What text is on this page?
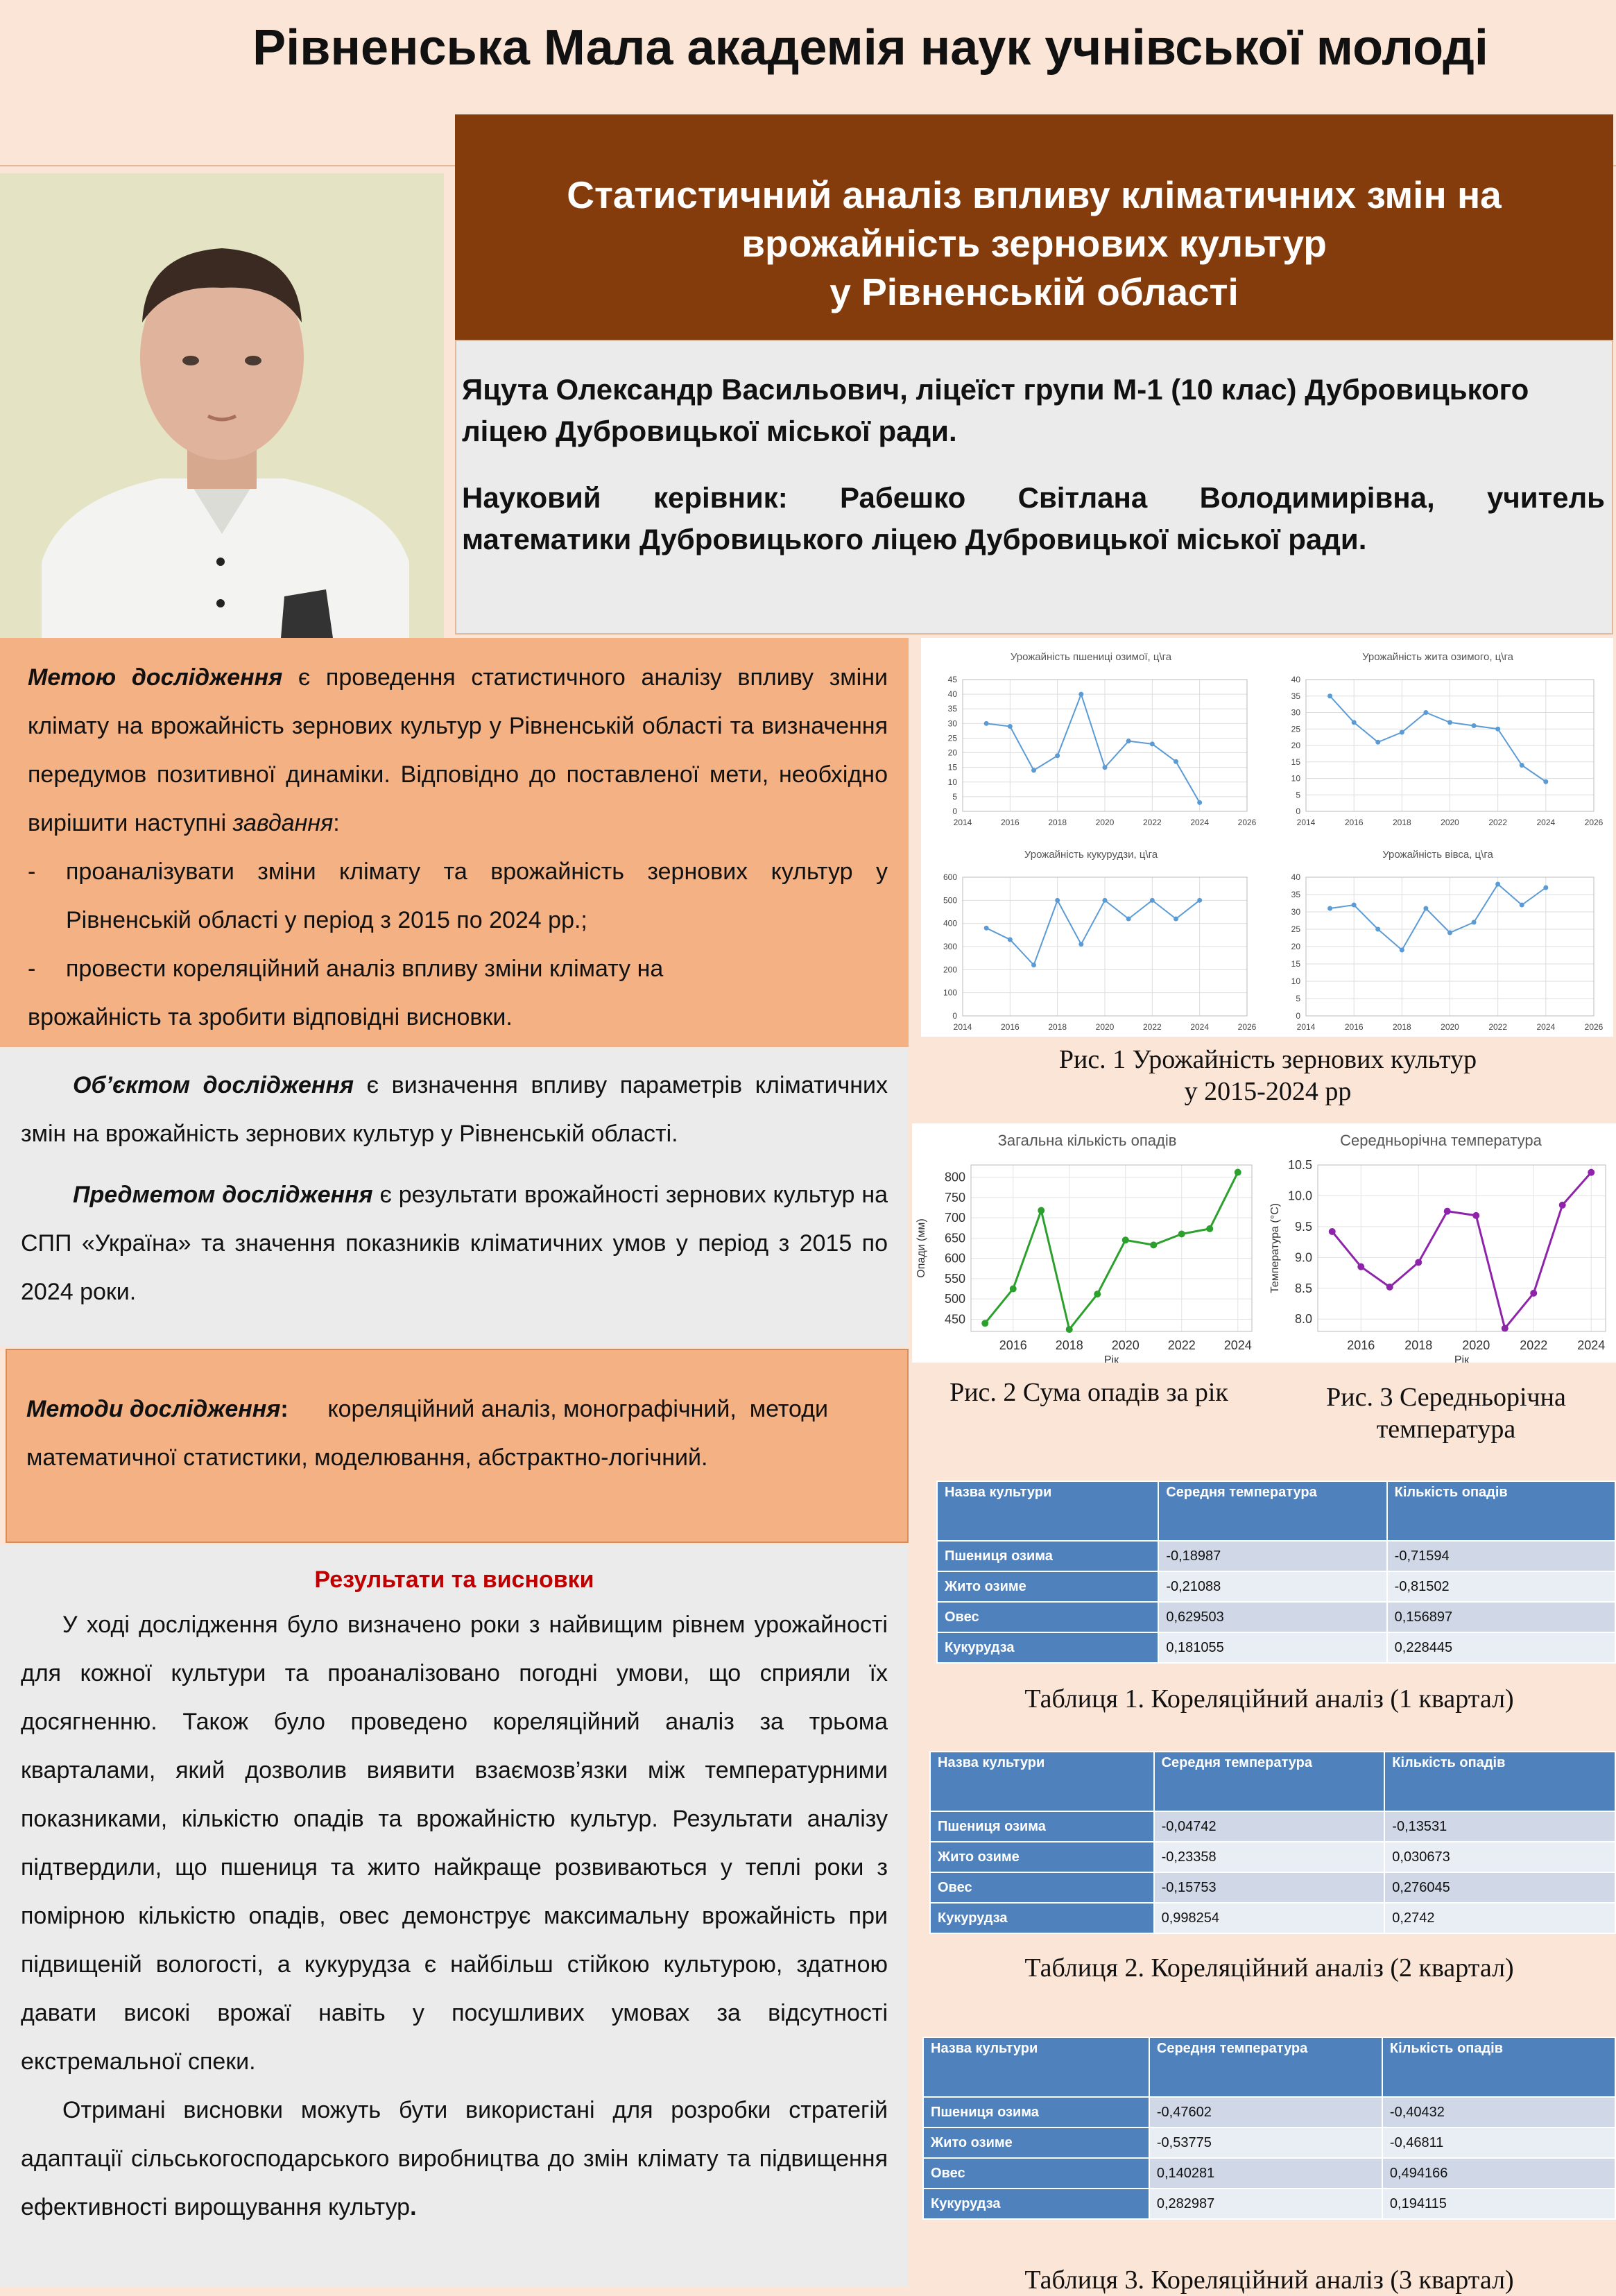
Рівненська Мала академія наук учнівської молоді
Статистичний аналіз впливу кліматичних змін на
врожайність зернових культур
у Рівненській області
Яцута Олександр Васильович, ліцеїст групи М-1 (10 клас) Дубровицького ліцею Дубровицької міської ради.
Науковий керівник: Рабешко Світлана Володимирівна, учитель
математики Дубровицького ліцею Дубровицької міської ради.

Метою дослідження є проведення статистичного аналізу впливу зміни клімату на врожайність зернових культур у Рівненській області та визначення передумов позитивної динаміки. Відповідно до поставленої мети, необхідно вирішити наступні завдання:

-	проаналізувати зміни клімату та врожайність зернових культур у Рівненській області у період з 2015 по 2024 рр.;

-	провести кореляційний аналіз впливу зміни клімату на

врожайність та зробити відповідні висновки.

Об’єктом дослідження є визначення впливу параметрів кліматичних змін на врожайність зернових культур у Рівненській області.

Предметом дослідження є результати врожайності зернових культур на СПП «Україна» та значення показників кліматичних умов у період з 2015 по 2024 роки.

Методи дослідження:      кореляційний аналіз, монографічний,  методи математичної статистики, моделювання, абстрактно-логічний.
Результати та висновки

У ході дослідження було визначено роки з найвищим рівнем урожайності для кожної культури та проаналізовано погодні умови, що сприяли їх досягненню. Також було проведено кореляційний аналіз за трьома кварталами, який дозволив виявити взаємозв’язки між температурними показниками, кількістю опадів та врожайністю культур. Результати аналізу підтвердили, що пшениця та жито найкраще розвиваються у теплі роки з помірною кількістю опадів, овес демонструє максимальну врожайність при підвищеній вологості, а кукурудза є найбільш стійкою культурою, здатною давати високі врожаї навіть у посушливих умовах за відсутності екстремальної спеки.

Отримані висновки можуть бути використані для розробки стратегій адаптації сільськогосподарського виробництва до змін клімату та підвищення     ефективності вирощування культур.

Урожайність пшениці озимої, ц\га
0
5
10
15
20
25
30
35
40
45
2014	2016	2018	2020	2022	2024	2026
Урожайність жита озимого, ц\га
0
5
10
15
20
25
30
35
40
2014	2016	2018	2020	2022	2024	2026
Урожайність кукурудзи, ц\га
0
100
200
300
400
500
600
2014	2016	2018	2020	2022	2024	2026
Урожайність вівса, ц\га
0
5
10
15
20
25
30
35
40
2014	2016	2018	2020	2022	2024	2026
Рис. 1 Урожайність зернових культур
у 2015-2024 рр
Загальна кількість опадів
450
500
550
600
650
700
750
800
2016 2018 2020 2022 2024
Рік
Опади (мм)
Середньорічна температура
8.0
8.5
9.0
9.5
10.0
10.5
2016 2018 2020 2022 2024
Рік
Температура (°C)
Рис. 2 Сума опадів за рік	Рис. 3 Середньорічна
температура
Назва культури	Середня температура	Кількість опадів
Пшениця озима	-0,18987	-0,71594
Жито озиме	-0,21088	-0,81502
Овес	0,629503	0,156897
Кукурудза	0,181055	0,228445
Таблиця 1. Кореляційний аналіз (1 квартал)
Назва культури	Середня температура	Кількість опадів
Пшениця озима	-0,04742	-0,13531
Жито озиме	-0,23358	0,030673
Овес	-0,15753	0,276045
Кукурудза	0,998254	0,2742
Таблиця 2. Кореляційний аналіз (2 квартал)
Назва культури	Середня температура	Кількість опадів
Пшениця озима	-0,47602	-0,40432
Жито озиме	-0,53775	-0,46811
Овес	0,140281	0,494166
Кукурудза	0,282987	0,194115
Таблиця 3. Кореляційний аналіз (3 квартал)
